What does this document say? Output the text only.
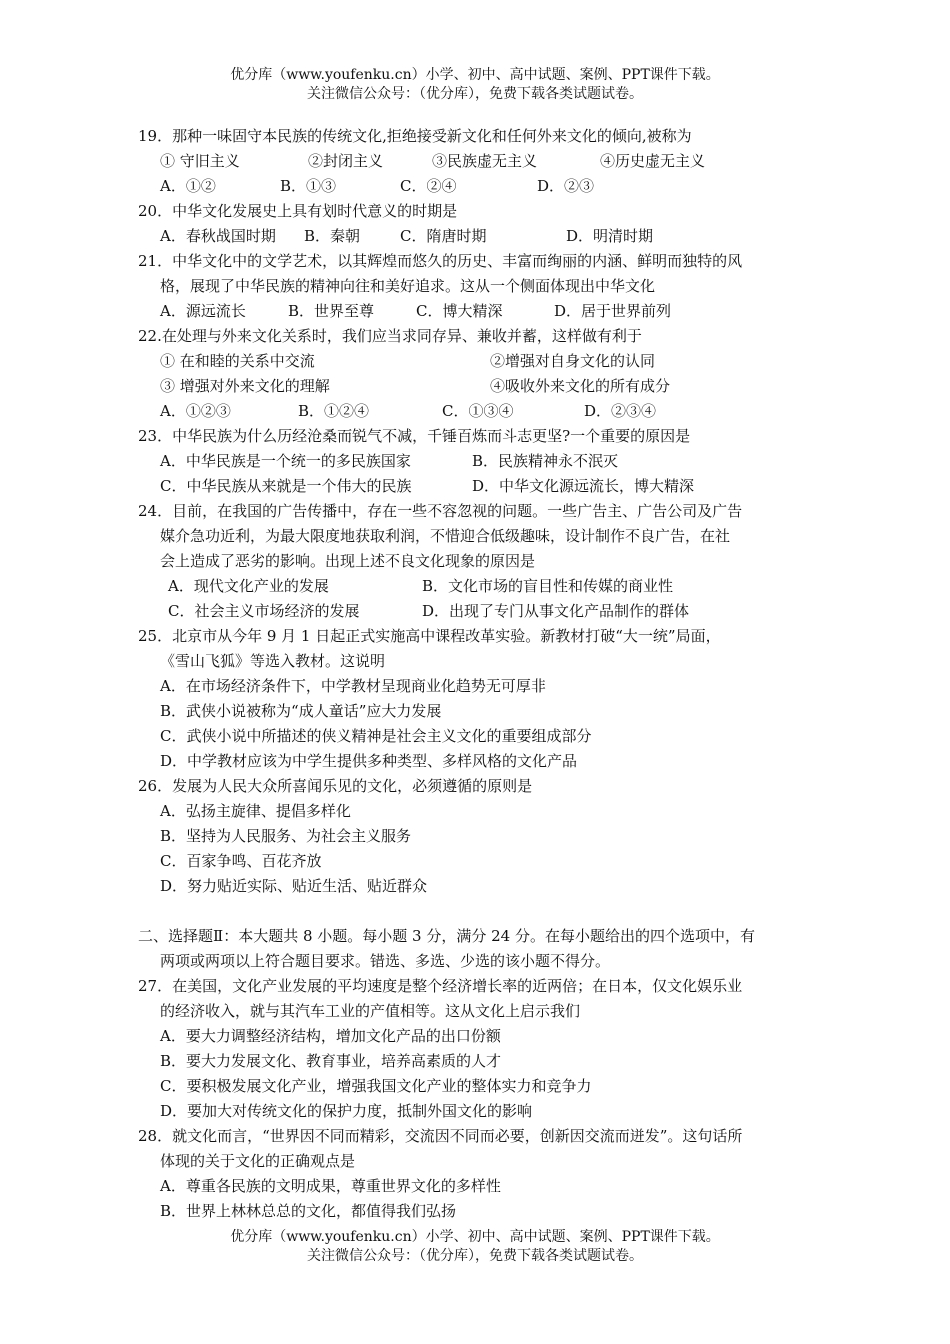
优分库（www.youfenku.cn）小学、初中、高中试题、案例、PPT课件下载。
关注微信公众号：（优分库），免费下载各类试题试卷。
19．那种一味固守本民族的传统文化,拒绝接受新文化和任何外来文化的倾向,被称为
① 守旧主义	②封闭主义	③民族虚无主义	④历史虚无主义
A．①②	B．①③	C．②④	D．②③
20．中华文化发展史上具有划时代意义的时期是
A．春秋战国时期	B．秦朝	C．隋唐时期	D．明清时期
21．中华文化中的文学艺术，以其辉煌而悠久的历史、丰富而绚丽的内涵、鲜明而独特的风
格，展现了中华民族的精神向往和美好追求。这从一个侧面体现出中华文化
A．源远流长	B．世界至尊	C．博大精深	D．居于世界前列
22.在处理与外来文化关系时，我们应当求同存异、兼收并蓄，这样做有利于
① 在和睦的关系中交流	②增强对自身文化的认同
③ 增强对外来文化的理解	④吸收外来文化的所有成分
A．①②③	B．①②④	C．①③④	D．②③④
23．中华民族为什么历经沧桑而锐气不减，千锤百炼而斗志更坚?一个重要的原因是
A．中华民族是一个统一的多民族国家	B．民族精神永不泯灭
C．中华民族从来就是一个伟大的民族	D．中华文化源远流长，博大精深
24．目前，在我国的广告传播中，存在一些不容忽视的问题。一些广告主、广告公司及广告
媒介急功近利，为最大限度地获取利润，不惜迎合低级趣味，设计制作不良广告，在社
会上造成了恶劣的影响。出现上述不良文化现象的原因是
A．现代文化产业的发展	B．文化市场的盲目性和传媒的商业性
C．社会主义市场经济的发展	D．出现了专门从事文化产品制作的群体
25．北京市从今年 9 月 1 日起正式实施高中课程改革实验。新教材打破“大一统”局面，
《雪山飞狐》等选入教材。这说明
A．在市场经济条件下，中学教材呈现商业化趋势无可厚非
B．武侠小说被称为“成人童话”应大力发展
C．武侠小说中所描述的侠义精神是社会主义文化的重要组成部分
D．中学教材应该为中学生提供多种类型、多样风格的文化产品
26．发展为人民大众所喜闻乐见的文化，必须遵循的原则是
A．弘扬主旋律、提倡多样化
B．坚持为人民服务、为社会主义服务
C．百家争鸣、百花齐放
D．努力贴近实际、贴近生活、贴近群众
二、选择题Ⅱ：本大题共 8 小题。每小题 3 分，满分 24 分。在每小题给出的四个选项中，有
两项或两项以上符合题目要求。错选、多选、少选的该小题不得分。
27．在美国，文化产业发展的平均速度是整个经济增长率的近两倍；在日本，仅文化娱乐业
的经济收入，就与其汽车工业的产值相等。这从文化上启示我们
A．要大力调整经济结构，增加文化产品的出口份额
B．要大力发展文化、教育事业，培养高素质的人才
C．要积极发展文化产业，增强我国文化产业的整体实力和竞争力
D．要加大对传统文化的保护力度，抵制外国文化的影响
28．就文化而言，“世界因不同而精彩，交流因不同而必要，创新因交流而迸发”。这句话所
体现的关于文化的正确观点是
A．尊重各民族的文明成果，尊重世界文化的多样性
B．世界上林林总总的文化，都值得我们弘扬
优分库（www.youfenku.cn）小学、初中、高中试题、案例、PPT课件下载。
关注微信公众号：（优分库），免费下载各类试题试卷。
